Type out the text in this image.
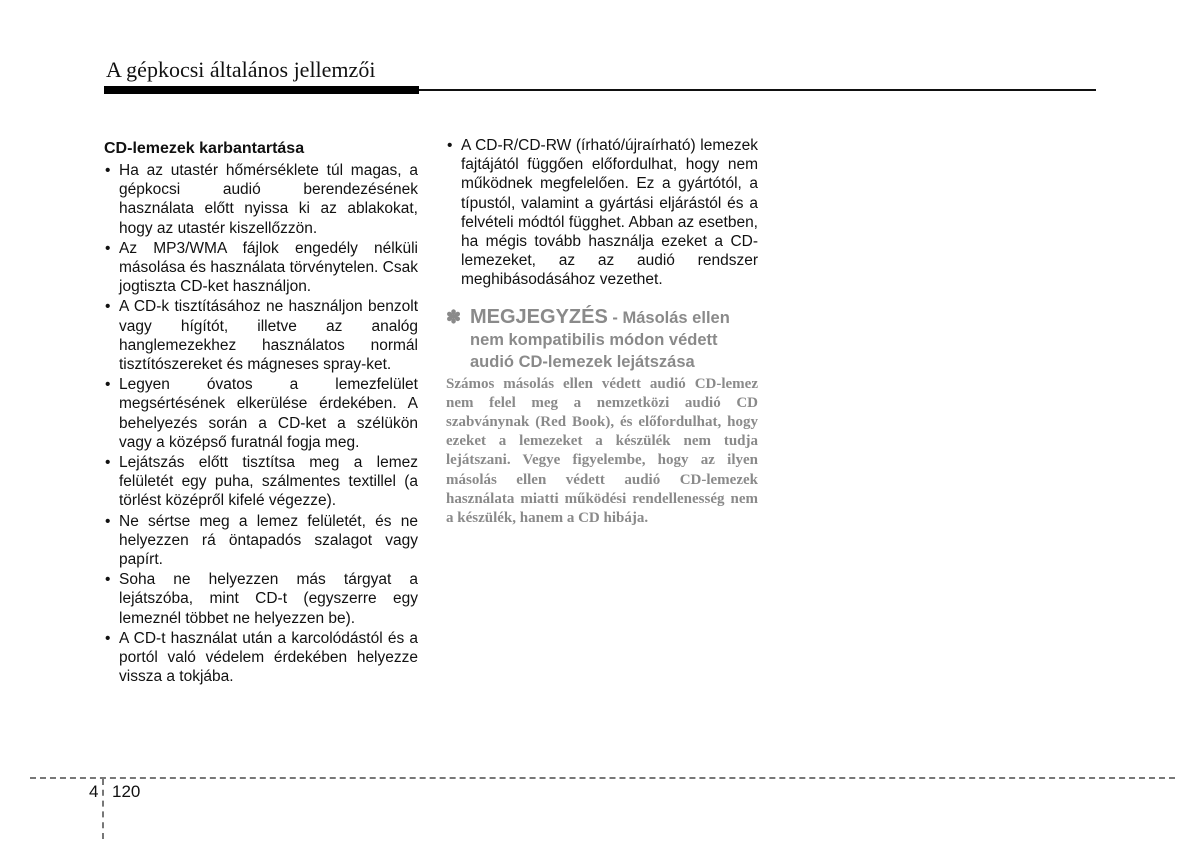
A gépkocsi általános jellemzői
CD-lemezek karbantartása
• Ha az utastér hőmérséklete túl magas, a gépkocsi audió berendezésének használata előtt nyissa ki az ablakokat, hogy az utastér kiszellőzzön.
• Az MP3/WMA fájlok engedély nélküli másolása és használata törvénytelen. Csak jogtiszta CD-ket használjon.
• A CD-k tisztításához ne használjon benzolt vagy hígítót, illetve az analóg hanglemezekhez használatos normál tisztítószereket és mágneses spray-ket.
• Legyen óvatos a lemezfelület megsértésének elkerülése érdekében. A behelyezés során a CD-ket a szélükön vagy a középső furatnál fogja meg.
• Lejátszás előtt tisztítsa meg a lemez felületét egy puha, szálmentes textillel (a törlést középről kifelé végezze).
• Ne sértse meg a lemez felületét, és ne helyezzen rá öntapadós szalagot vagy papírt.
• Soha ne helyezzen más tárgyat a lejátszóba, mint CD-t (egyszerre egy lemeznél többet ne helyezzen be).
• A CD-t használat után a karcolódástól és a portól való védelem érdekében helyezze vissza a tokjába.
• A CD-R/CD-RW (írható/újraírható) lemezek fajtájától függően előfordulhat, hogy nem működnek megfelelően. Ez a gyártótól, a típustól, valamint a gyártási eljárástól és a felvételi módtól függhet. Abban az esetben, ha mégis tovább használja ezeket a CD-lemezeket, az az audió rendszer meghibásodásához vezethet.
✽ MEGJEGYZÉS - Másolás ellen nem kompatibilis módon védett audió CD-lemezek lejátszása
Számos másolás ellen védett audió CD-lemez nem felel meg a nemzetközi audió CD szabványnak (Red Book), és előfordulhat, hogy ezeket a lemezeket a készülék nem tudja lejátszani. Vegye figyelembe, hogy az ilyen másolás ellen védett audió CD-lemezek használata miatti működési rendellenesség nem a készülék, hanem a CD hibája.
4 120
